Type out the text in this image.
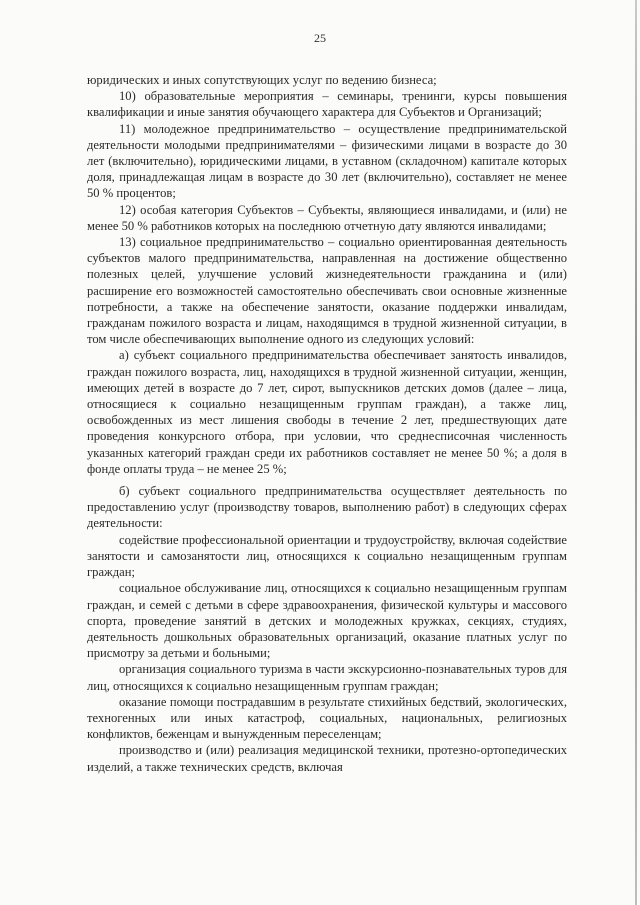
25

юридических и иных сопутствующих услуг по ведению бизнеса;

10) образовательные мероприятия – семинары, тренинги, курсы повышения квалификации и иные занятия обучающего характера для Субъектов и Организаций;

11) молодежное предпринимательство – осуществление предпринимательской деятельности молодыми предпринимателями – физическими лицами в возрасте до 30 лет (включительно), юридическими лицами, в уставном (складочном) капитале которых доля, принадлежащая лицам в возрасте до 30 лет (включительно), составляет не менее 50 % процентов;

12) особая категория Субъектов – Субъекты, являющиеся инвалидами, и (или) не менее 50 % работников которых на последнюю отчетную дату являются инвалидами;

13) социальное предпринимательство – социально ориентированная деятельность субъектов малого предпринимательства, направленная на достижение общественно полезных целей, улучшение условий жизнедеятельности гражданина и (или) расширение его возможностей самостоятельно обеспечивать свои основные жизненные потребности, а также на обеспечение занятости, оказание поддержки инвалидам, гражданам пожилого возраста и лицам, находящимся в трудной жизненной ситуации, в том числе обеспечивающих выполнение одного из следующих условий:

а) субъект социального предпринимательства обеспечивает занятость инвалидов, граждан пожилого возраста, лиц, находящихся в трудной жизненной ситуации, женщин, имеющих детей в возрасте до 7 лет, сирот, выпускников детских домов (далее – лица, относящиеся к социально незащищенным группам граждан), а также лиц, освобожденных из мест лишения свободы в течение 2 лет, предшествующих дате проведения конкурсного отбора, при условии, что среднесписочная численность указанных категорий граждан среди их работников составляет не менее 50 %; а доля в фонде оплаты труда – не менее 25 %;

б) субъект социального предпринимательства осуществляет деятельность по предоставлению услуг (производству товаров, выполнению работ) в следующих сферах деятельности:

содействие профессиональной ориентации и трудоустройству, включая содействие занятости и самозанятости лиц, относящихся к социально незащищенным группам граждан;

социальное обслуживание лиц, относящихся к социально незащищенным группам граждан, и семей с детьми в сфере здравоохранения, физической культуры и массового спорта, проведение занятий в детских и молодежных кружках, секциях, студиях, деятельность дошкольных образовательных организаций, оказание платных услуг по присмотру за детьми и больными;

организация социального туризма в части экскурсионно-познавательных туров для лиц, относящихся к социально незащищенным группам граждан;

оказание помощи пострадавшим в результате стихийных бедствий, экологических, техногенных или иных катастроф, социальных, национальных, религиозных конфликтов, беженцам и вынужденным переселенцам;

производство и (или) реализация медицинской техники, протезно-ортопедических изделий, а также технических средств, включая
